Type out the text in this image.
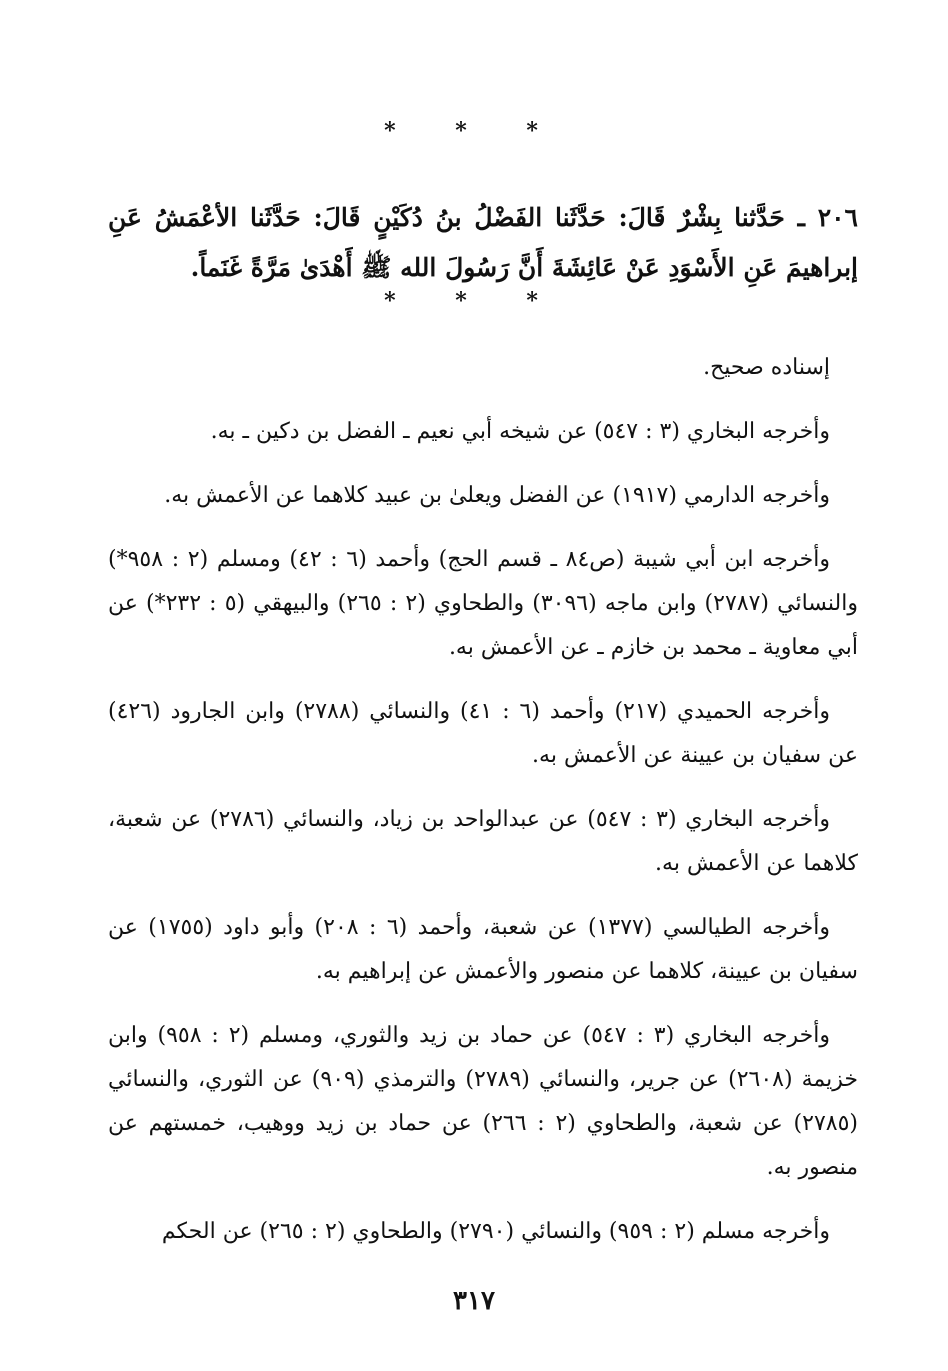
* * *

٢٠٦ ـ حَدَّثنا بِشْرٌ قَالَ: حَدَّثَنا الفَضْلُ بنُ دُكَيْنٍ قَالَ: حَدَّثَنا الأعْمَشُ عَنِ إبراهيمَ عَنِ الأَسْوَدِ عَنْ عَائِشَةَ أَنَّ رَسُولَ الله ﷺ أَهْدَىٰ مَرَّةً غَنَماً.

* * *

إسناده صحيح.

وأخرجه البخاري (٣ : ٥٤٧) عن شيخه أبي نعيم ـ الفضل بن دكين ـ به.

وأخرجه الدارمي (١٩١٧) عن الفضل ويعلىٰ بن عبيد كلاهما عن الأعمش به.

وأخرجه ابن أبي شيبة (ص٨٤ ـ قسم الحج) وأحمد (٦ : ٤٢) ومسلم (٢ : ٩٥٨*) والنسائي (٢٧٨٧) وابن ماجه (٣٠٩٦) والطحاوي (٢ : ٢٦٥) والبيهقي (٥ : ٢٣٢*) عن أبي معاوية ـ محمد بن خازم ـ عن الأعمش به.

وأخرجه الحميدي (٢١٧) وأحمد (٦ : ٤١) والنسائي (٢٧٨٨) وابن الجارود (٤٢٦) عن سفيان بن عيينة عن الأعمش به.

وأخرجه البخاري (٣ : ٥٤٧) عن عبدالواحد بن زياد، والنسائي (٢٧٨٦) عن شعبة، كلاهما عن الأعمش به.

وأخرجه الطيالسي (١٣٧٧) عن شعبة، وأحمد (٦ : ٢٠٨) وأبو داود (١٧٥٥) عن سفيان بن عيينة، كلاهما عن منصور والأعمش عن إبراهيم به.

وأخرجه البخاري (٣ : ٥٤٧) عن حماد بن زيد والثوري، ومسلم (٢ : ٩٥٨) وابن خزيمة (٢٦٠٨) عن جرير، والنسائي (٢٧٨٩) والترمذي (٩٠٩) عن الثوري، والنسائي (٢٧٨٥) عن شعبة، والطحاوي (٢ : ٢٦٦) عن حماد بن زيد ووهيب، خمستهم عن منصور به.

وأخرجه مسلم (٢ : ٩٥٩) والنسائي (٢٧٩٠) والطحاوي (٢ : ٢٦٥) عن الحكم

٣١٧
